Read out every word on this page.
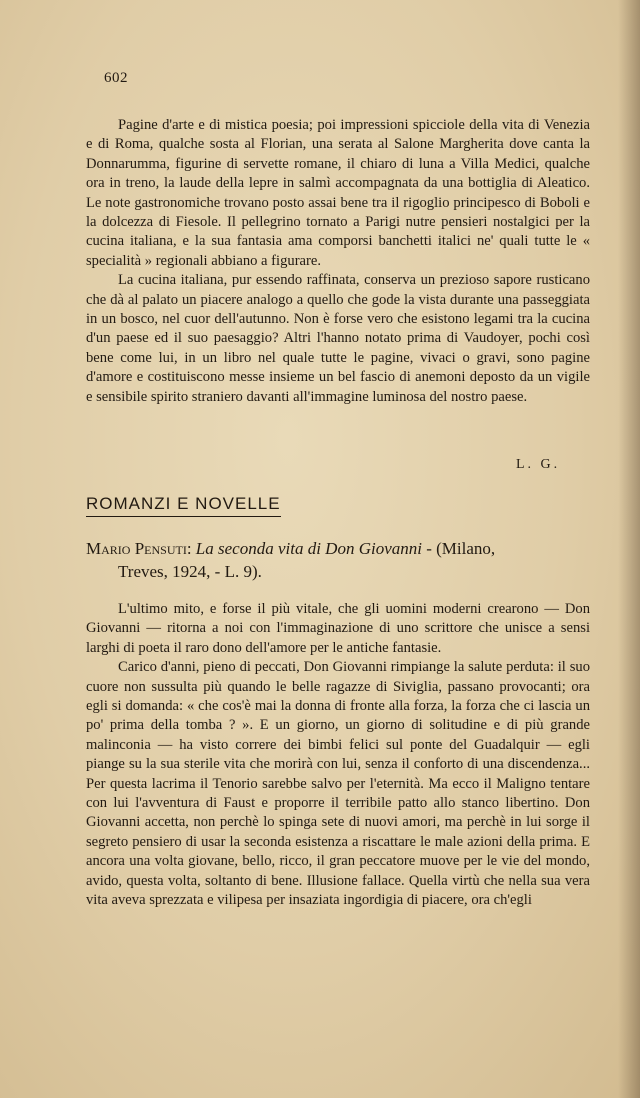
602

Pagine d'arte e di mistica poesia; poi impressioni spicciole della vita di Venezia e di Roma, qualche sosta al Florian, una serata al Salone Margherita dove canta la Donnarumma, figurine di servette romane, il chiaro di luna a Villa Medici, qualche ora in treno, la laude della lepre in salmì accompagnata da una bottiglia di Aleatico. Le note gastronomiche trovano posto assai bene tra il rigoglio principesco di Boboli e la dolcezza di Fiesole. Il pellegrino tornato a Parigi nutre pensieri nostalgici per la cucina italiana, e la sua fantasia ama comporsi banchetti italici ne' quali tutte le « specialità » regionali abbiano a figurare.

La cucina italiana, pur essendo raffinata, conserva un prezioso sapore rusticano che dà al palato un piacere analogo a quello che gode la vista durante una passeggiata in un bosco, nel cuor dell'autunno. Non è forse vero che esistono legami tra la cucina d'un paese ed il suo paesaggio? Altri l'hanno notato prima di Vaudoyer, pochi così bene come lui, in un libro nel quale tutte le pagine, vivaci o gravi, sono pagine d'amore e costituiscono messe insieme un bel fascio di anemoni deposto da un vigile e sensibile spirito straniero davanti all'immagine luminosa del nostro paese.

L. G.
ROMANZI E NOVELLE
Mario Pensuti: La seconda vita di Don Giovanni - (Milano,
Treves, 1924, - L. 9).

L'ultimo mito, e forse il più vitale, che gli uomini moderni crearono — Don Giovanni — ritorna a noi con l'immaginazione di uno scrittore che unisce a sensi larghi di poeta il raro dono dell'amore per le antiche fantasie.

Carico d'anni, pieno di peccati, Don Giovanni rimpiange la salute perduta: il suo cuore non sussulta più quando le belle ragazze di Siviglia, passano provocanti; ora egli si domanda: « che cos'è mai la donna di fronte alla forza, la forza che ci lascia un po' prima della tomba ? ». E un giorno, un giorno di solitudine e di più grande malinconia — ha visto correre dei bimbi felici sul ponte del Guadalquir — egli piange su la sua sterile vita che morirà con lui, senza il conforto di una discendenza... Per questa lacrima il Tenorio sarebbe salvo per l'eternità. Ma ecco il Maligno tentare con lui l'avventura di Faust e proporre il terribile patto allo stanco libertino. Don Giovanni accetta, non perchè lo spinga sete di nuovi amori, ma perchè in lui sorge il segreto pensiero di usar la seconda esistenza a riscattare le male azioni della prima. E ancora una volta giovane, bello, ricco, il gran peccatore muove per le vie del mondo, avido, questa volta, soltanto di bene. Illusione fallace. Quella virtù che nella sua vera vita aveva sprezzata e vilipesa per insaziata ingordigia di piacere, ora ch'egli
